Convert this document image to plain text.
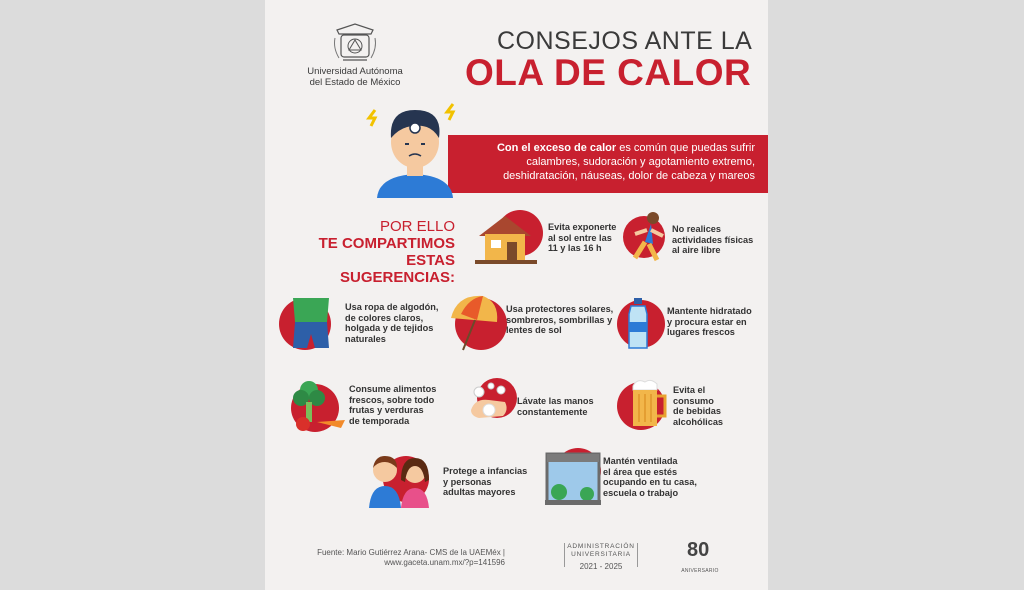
Universidad Autónoma
del Estado de México
CONSEJOS ANTE LA
OLA DE CALOR
Con el exceso de calor es común que puedas sufrir
calambres, sudoración y agotamiento extremo,
deshidratación, náuseas, dolor de cabeza y mareos
POR ELLO
TE COMPARTIMOS
ESTAS SUGERENCIAS:
Evita exponerte
al sol entre las
11 y las 16 h
No realices
actividades físicas
al aire libre
Usa ropa de algodón,
de colores claros,
holgada y de tejidos
naturales
Usa protectores solares,
sombreros, sombrillas y
lentes de sol
Mantente hidratado
y procura estar en
lugares frescos
Consume alimentos
frescos, sobre todo
frutas y verduras
de temporada
Lávate las manos
constantemente
Evita el
consumo
de bebidas
alcohólicas
Protege a infancias
y personas
adultas mayores
Mantén ventilada
el área que estés
ocupando en tu casa,
escuela o trabajo
Fuente: Mario Gutiérrez Arana- CMS de la UAEMéx |
www.gaceta.unam.mx/?p=141596
ADMINISTRACIÓN
UNIVERSITARIA
2021 - 2025
80
ANIVERSARIO
